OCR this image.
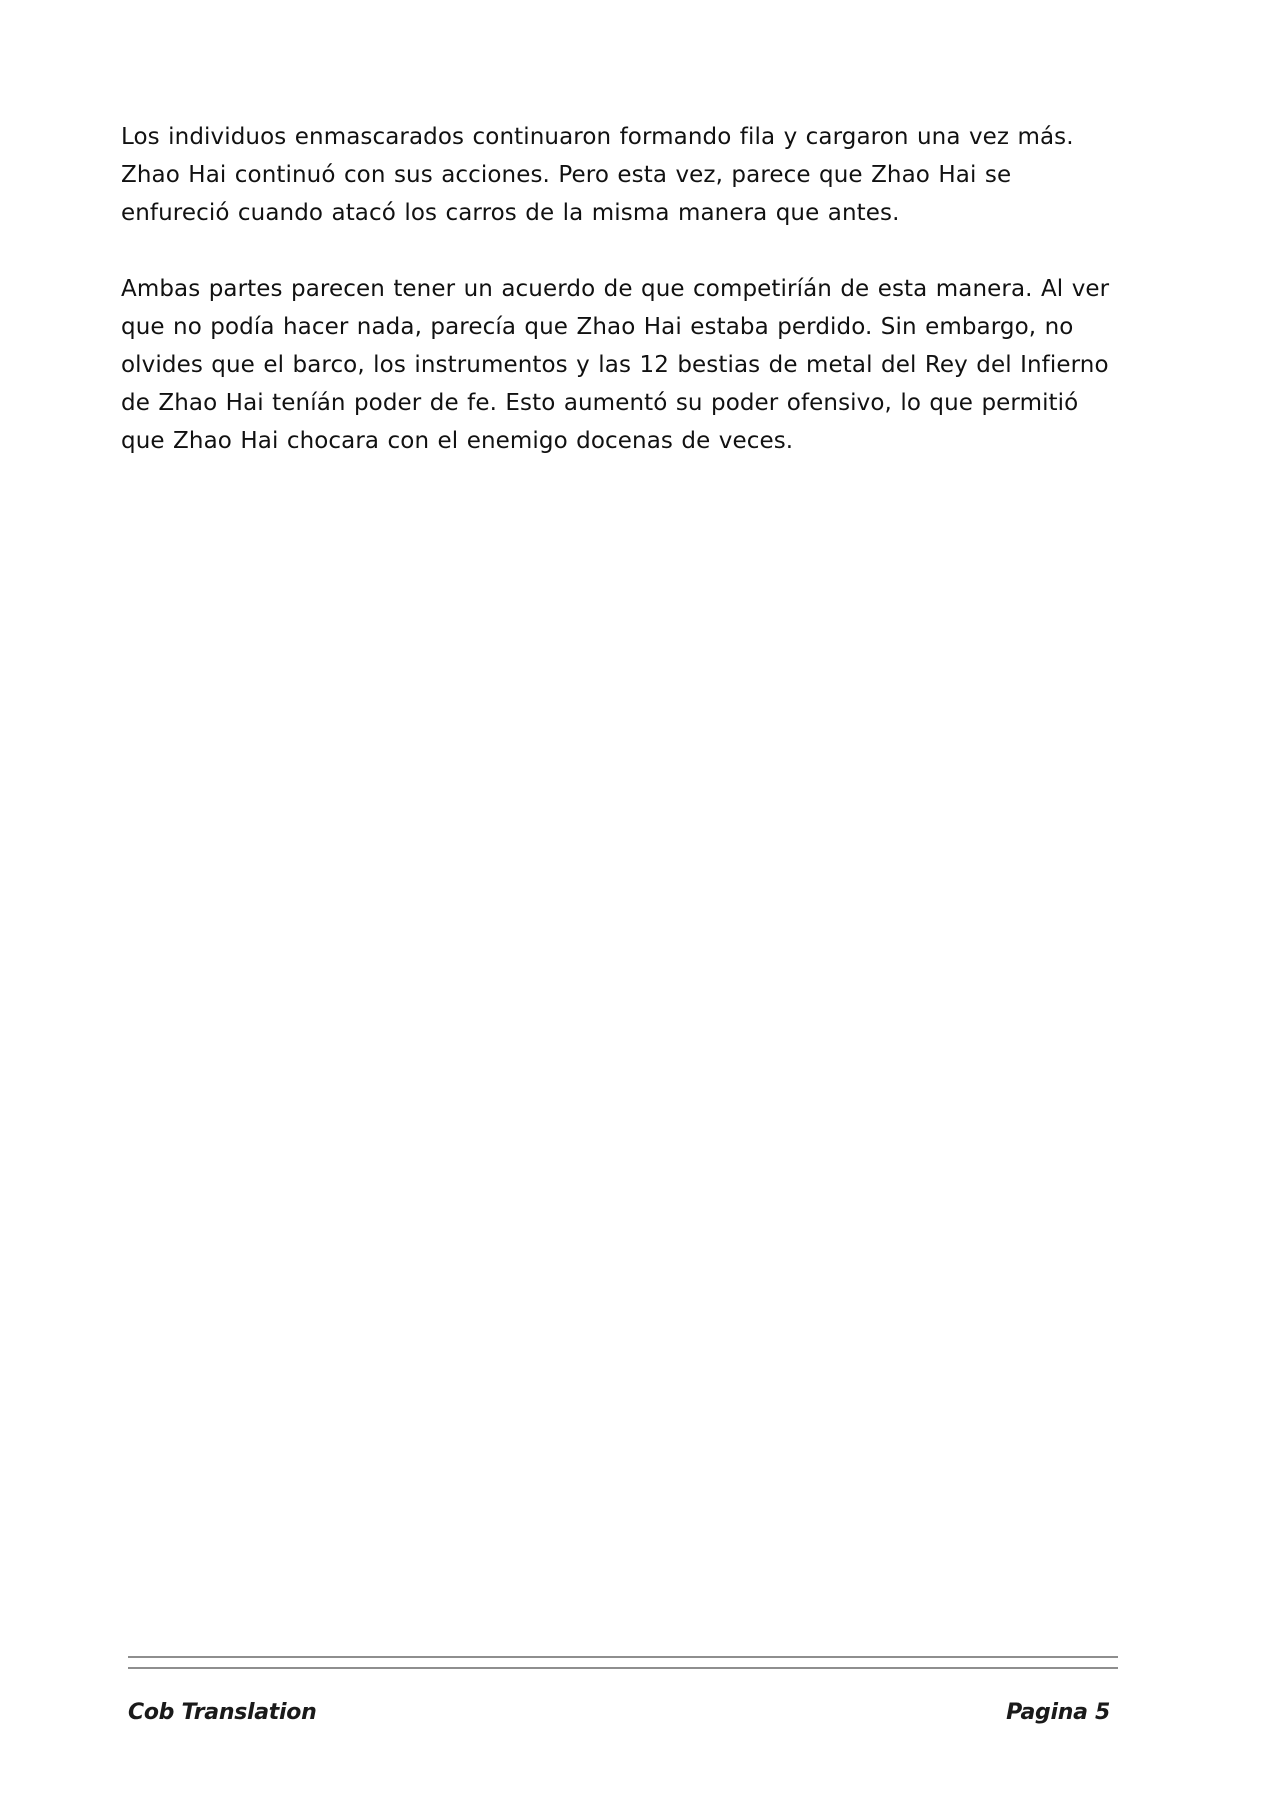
Los individuos enmascarados continuaron formando fila y cargaron una vez más. Zhao Hai continuó con sus acciones. Pero esta vez, parece que Zhao Hai se enfureció cuando atacó los carros de la misma manera que antes.

Ambas partes parecen tener un acuerdo de que competiríán de esta manera. Al ver que no podía hacer nada, parecía que Zhao Hai estaba perdido. Sin embargo, no olvides que el barco, los instrumentos y las 12 bestias de metal del Rey del Infierno de Zhao Hai teníán poder de fe. Esto aumentó su poder ofensivo, lo que permitió que Zhao Hai chocara con el enemigo docenas de veces.

Cob Translation	Pagina 5
